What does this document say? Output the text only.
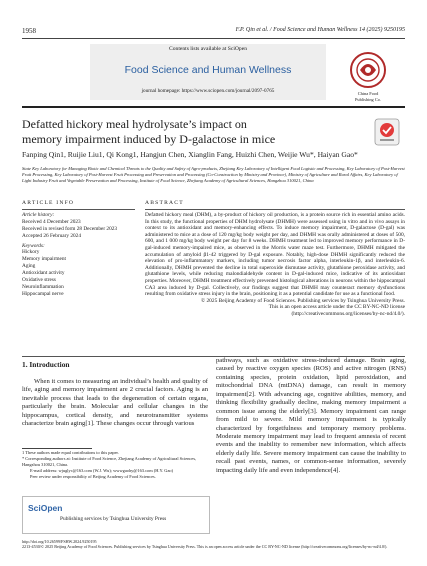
1958	F.P. Qin et al. / Food Science and Human Wellness 14 (2025) 9250195
Contents lists available at SciOpen
Food Science and Human Wellness
journal homepage: https://www.sciopen.com/journal/2097-0765	China Food
Publishing Co.
Defatted hickory meal hydrolysate’s impact on
memory impairment induced by D-galactose in mice
Fanping Qin1, Ruijie Liu1, Qi Kong1, Hangjun Chen, Xianglin Fang, Huizhi Chen, Weijie Wu*, Haiyan Gao*
State Key Laboratory for Managing Biotic and Chemical Threats to the Quality and Safety of Agro-products, Zhejiang Key Laboratory of Intelligent Food Logistic and Processing, Key Laboratory of Post-Harvest Fruit Processing, Key Laboratory of Post-Harvest Fruit Processing and Preservation and Processing (Co-Construction by Ministry and Province), Ministry of Agriculture and Rural Affairs, Key Laboratory of Light Industry Fruit and Vegetable Preservation and Processing, Institute of Food Science, Zhejiang Academy of Agricultural Sciences, Hangzhou 310021, China
ARTICLE INFO	ABSTRACT
Article history:
Received 4 December 2023
Received in revised form 28 December 2023
Accepted 26 February 2024
Keywords:
Hickory
Memory impairment
Aging
Antioxidant activity
Oxidative stress
Neuroinflammation
Hippocampal nerve
Defatted hickory meal (DHM), a by-product of hickory oil production, is a protein source rich in essential amino acids. In this study, the functional properties of DHM hydrolysate (DHMH) were assessed using in vitro and in vivo assays in context to its antioxidant and memory-enhancing effects. To induce memory impairment, D-galactose (D-gal) was administered to mice at a dose of 120 mg/kg body weight per day, and DHMH was orally administered at doses of 500, 600, and 1 000 mg/kg body weight per day for 8 weeks. DHMH treatment led to improved memory performance in D-gal-induced memory-impaired mice, as observed in the Morris water maze test. Furthermore, DHMH mitigated the accumulation of amyloid β1-42 triggered by D-gal exposure. Notably, high-dose DHMH significantly reduced the elevation of pro-inflammatory markers, including tumor necrosis factor alpha, interleukin-1β, and interleukin-6. Additionally, DHMH prevented the decline in total superoxide dismutase activity, glutathione peroxidase activity, and glutathione levels, while reducing malondialdehyde content in D-gal-induced mice, indicative of its antioxidant properties. Moreover, DHMH treatment effectively prevented histological alterations in neurons within the hippocampal CA3 area induced by D-gal. Collectively, our findings suggest that DHMH may counteract memory dysfunctions resulting from oxidative stress injury in the brain, positioning it as a potential candidate for use as a functional food.
© 2025 Beijing Academy of Food Sciences. Publishing services by Tsinghua University Press.
This is an open access article under the CC BY-NC-ND license
(http://creativecommons.org/licenses/by-nc-nd/4.0/).
1. Introduction
When it comes to measuring an individual’s health and quality of life, aging and memory impairment are 2 crucial factors. Aging is an inevitable process that leads to the degeneration of certain organs, particularly the brain. Molecular and cellular changes in the hippocampus, cortical density, and neurotransmitter systems characterize brain aging[1]. These changes occur through various
pathways, such as oxidative stress-induced damage. Brain aging, caused by reactive oxygen species (ROS) and active nitrogen (RNS) containing species, protein oxidation, lipid peroxidation, and mitochondrial DNA (mtDNA) damage, can result in memory impairment[2]. With advancing age, cognitive abilities, memory, and thinking flexibility gradually decline, making memory impairment a common issue among the elderly[3]. Memory impairment can range from mild to severe. Mild memory impairment is typically characterized by forgetfulness and temporary memory problems. Moderate memory impairment may lead to frequent amnesia of recent events and the inability to remember new information, which affects elderly daily life. Severe memory impairment can cause the inability to recall past events, names, or common-sense information, severely impacting daily life and even independence[4].
1 These authors made equal contributions to this paper.
* Corresponding authors at: Institute of Food Science, Zhejiang Academy of Agricultural Sciences, Hangzhou 310021, China.
E-mail address: wjuglyc@163.com (W.J. Wu); wwwgaohy@163.com (H.Y. Gao)
Peer review under responsibility of Beijing Academy of Food Sciences.
SciOpen
Publishing services by Tsinghua University Press
http://doi.org/10.26599/FSHW.2024.9250195
2213-4530/© 2025 Beijing Academy of Food Sciences. Publishing services by Tsinghua University Press. This is an open access article under the CC BY-NC-ND license (http://creativecommons.org/licenses/by-nc-nd/4.0/).
